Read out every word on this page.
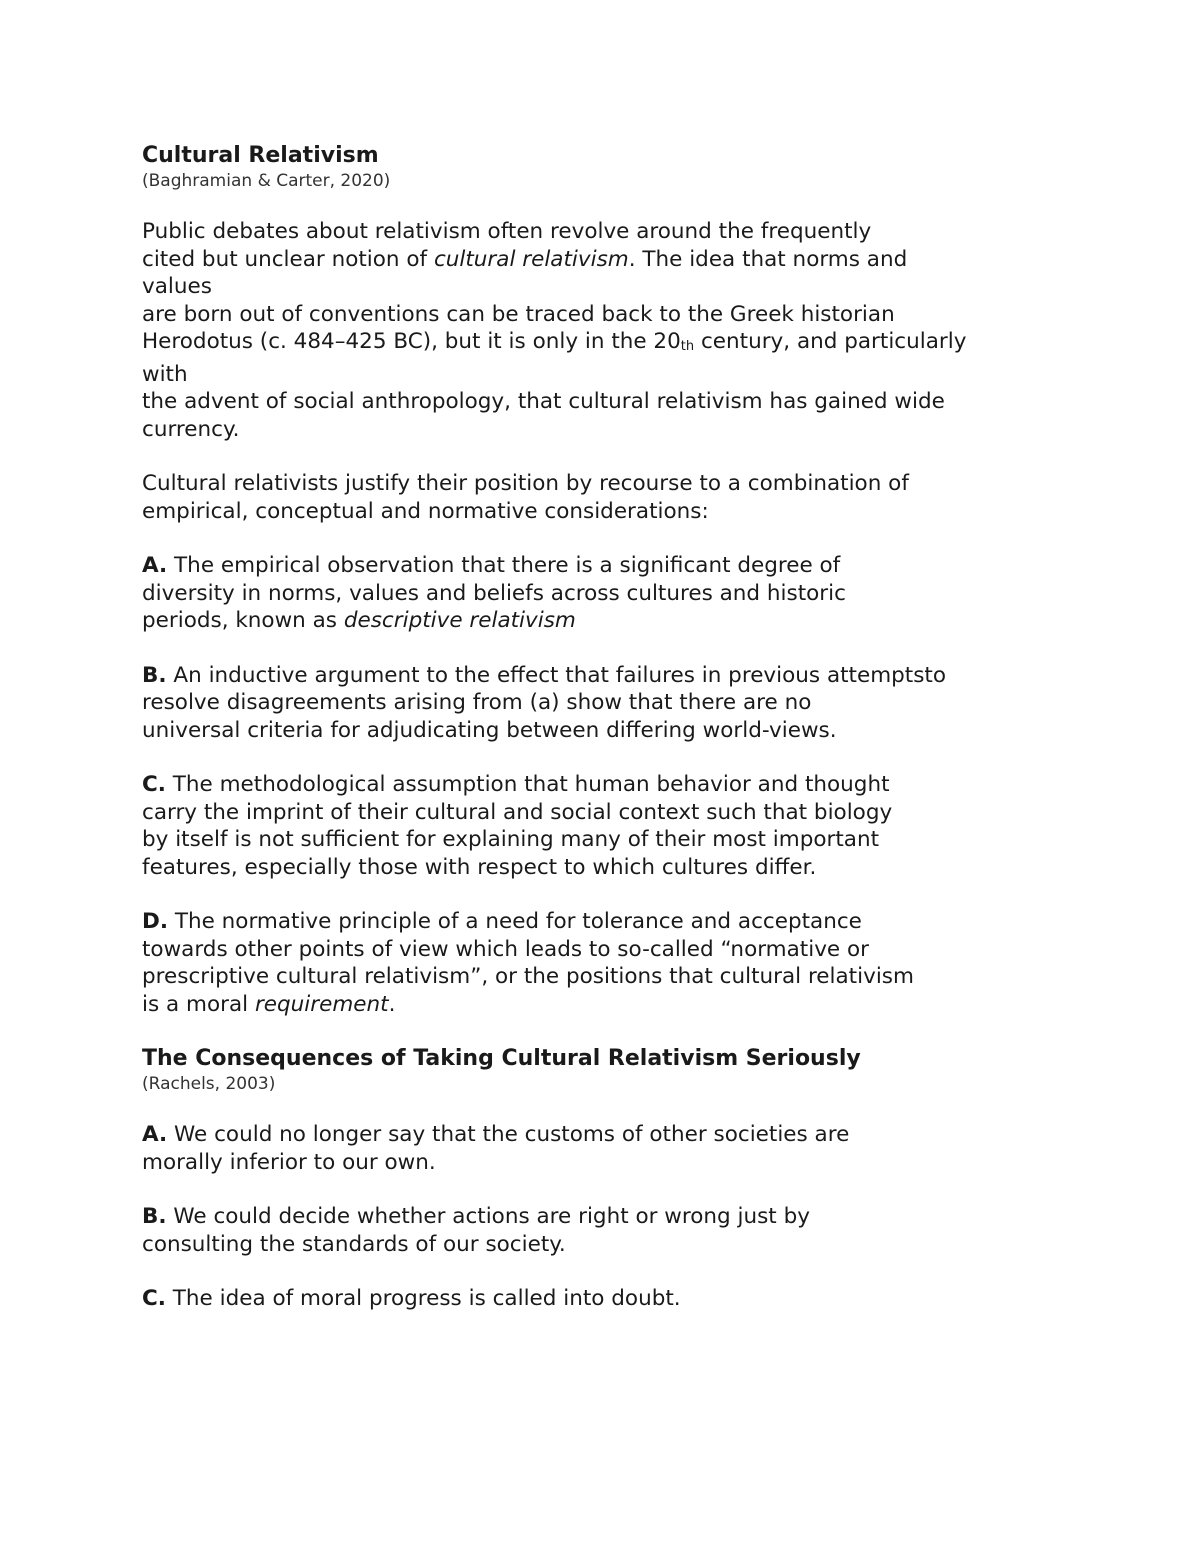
Cultural Relativism

(Baghramian & Carter, 2020)

Public debates about relativism often revolve around the frequently
cited but unclear notion of cultural relativism. The idea that norms and
values
are born out of conventions can be traced back to the Greek historian
Herodotus (c. 484–425 BC), but it is only in the 20th century, and particularly
with
the advent of social anthropology, that cultural relativism has gained wide
currency.

Cultural relativists justify their position by recourse to a combination of
empirical, conceptual and normative considerations:

A. The empirical observation that there is a significant degree of
diversity in norms, values and beliefs across cultures and historic
periods, known as descriptive relativism

B. An inductive argument to the effect that failures in previous attemptsto
resolve disagreements arising from (a) show that there are no
universal criteria for adjudicating between differing world-views.

C. The methodological assumption that human behavior and thought
carry the imprint of their cultural and social context such that biology
by itself is not sufficient for explaining many of their most important
features, especially those with respect to which cultures differ.

D. The normative principle of a need for tolerance and acceptance
towards other points of view which leads to so-called “normative or
prescriptive cultural relativism”, or the positions that cultural relativism
is a moral requirement.

The Consequences of Taking Cultural Relativism Seriously

(Rachels, 2003)

A. We could no longer say that the customs of other societies are
morally inferior to our own.

B. We could decide whether actions are right or wrong just by
consulting the standards of our society.

C. The idea of moral progress is called into doubt.
